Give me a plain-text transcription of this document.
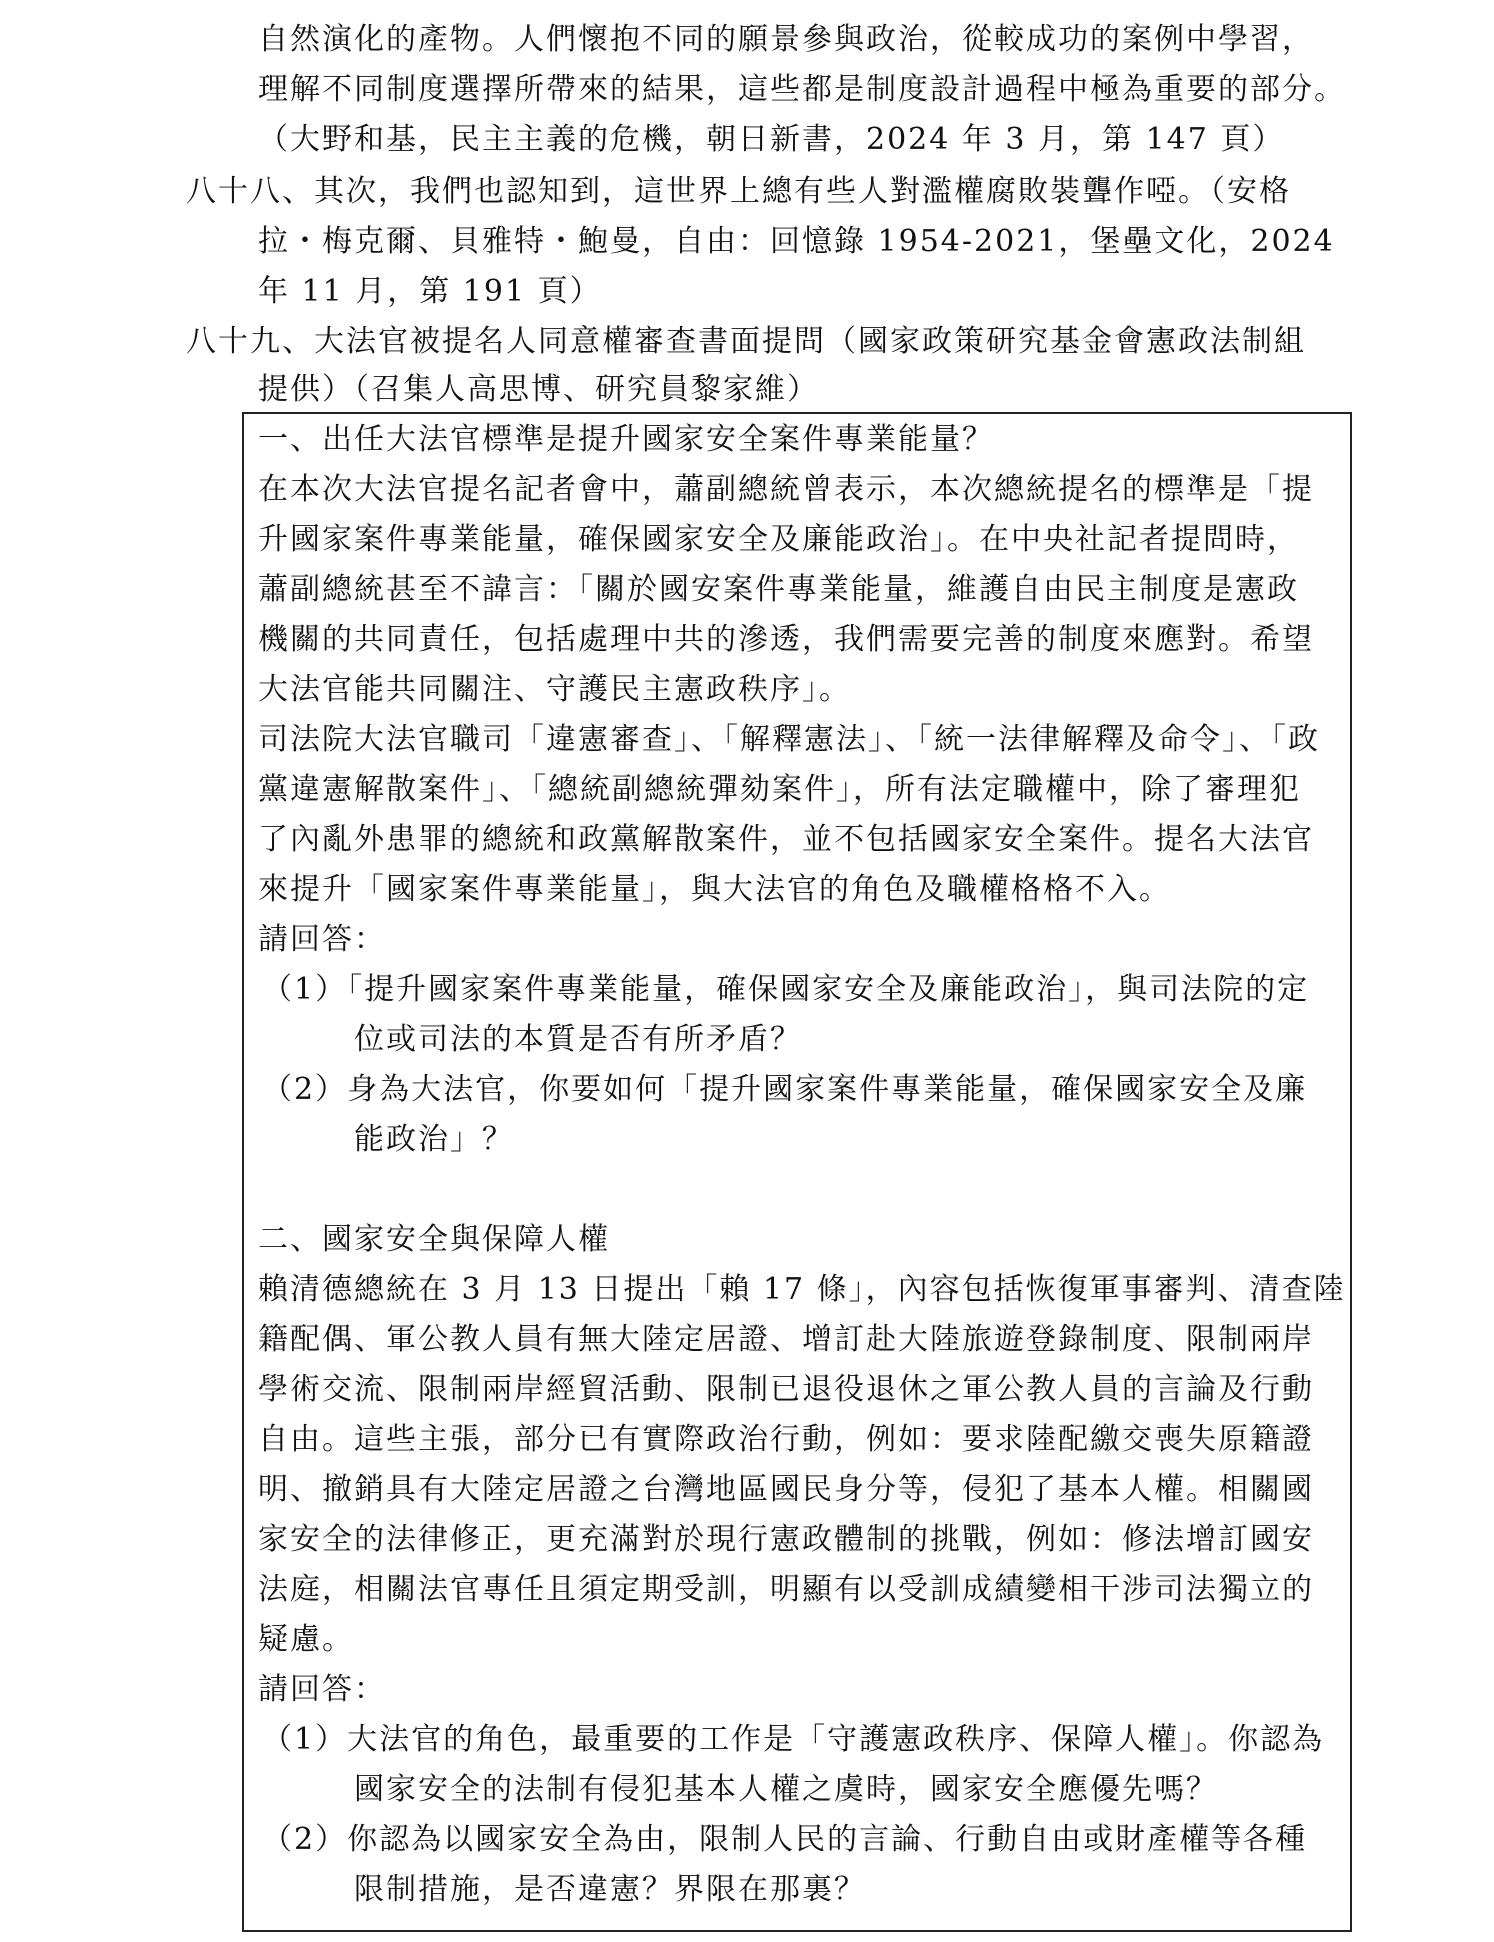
自然演化的產物。人們懷抱不同的願景參與政治，從較成功的案例中學習，
理解不同制度選擇所帶來的結果，這些都是制度設計過程中極為重要的部分。
（大野和基，民主主義的危機，朝日新書，2024 年 3 月，第 147 頁）
八十八、其次，我們也認知到，這世界上總有些人對濫權腐敗裝聾作啞。（安格
拉・梅克爾、貝雅特・鮑曼，自由：回憶錄 1954-2021，堡壘文化，2024
年 11 月，第 191 頁）
八十九、大法官被提名人同意權審查書面提問（國家政策研究基金會憲政法制組
提供）（召集人高思博、研究員黎家維）
一、出任大法官標準是提升國家安全案件專業能量？
在本次大法官提名記者會中，蕭副總統曾表示，本次總統提名的標準是「提
升國家案件專業能量，確保國家安全及廉能政治」。在中央社記者提問時，
蕭副總統甚至不諱言：「關於國安案件專業能量，維護自由民主制度是憲政
機關的共同責任，包括處理中共的滲透，我們需要完善的制度來應對。希望
大法官能共同關注、守護民主憲政秩序」。
司法院大法官職司「違憲審查」、「解釋憲法」、「統一法律解釋及命令」、「政
黨違憲解散案件」、「總統副總統彈劾案件」，所有法定職權中，除了審理犯
了內亂外患罪的總統和政黨解散案件，並不包括國家安全案件。提名大法官
來提升「國家案件專業能量」，與大法官的角色及職權格格不入。
請回答：
（1）「提升國家案件專業能量，確保國家安全及廉能政治」，與司法院的定
位或司法的本質是否有所矛盾？
（2）身為大法官，你要如何「提升國家案件專業能量，確保國家安全及廉
能政治」？
二、國家安全與保障人權
賴清德總統在 3 月 13 日提出「賴 17 條」，內容包括恢復軍事審判、清查陸
籍配偶、軍公教人員有無大陸定居證、增訂赴大陸旅遊登錄制度、限制兩岸
學術交流、限制兩岸經貿活動、限制已退役退休之軍公教人員的言論及行動
自由。這些主張，部分已有實際政治行動，例如：要求陸配繳交喪失原籍證
明、撤銷具有大陸定居證之台灣地區國民身分等，侵犯了基本人權。相關國
家安全的法律修正，更充滿對於現行憲政體制的挑戰，例如：修法增訂國安
法庭，相關法官專任且須定期受訓，明顯有以受訓成績變相干涉司法獨立的
疑慮。
請回答：
（1）大法官的角色，最重要的工作是「守護憲政秩序、保障人權」。你認為
國家安全的法制有侵犯基本人權之虞時，國家安全應優先嗎？
（2）你認為以國家安全為由，限制人民的言論、行動自由或財產權等各種
限制措施，是否違憲？界限在那裏？
